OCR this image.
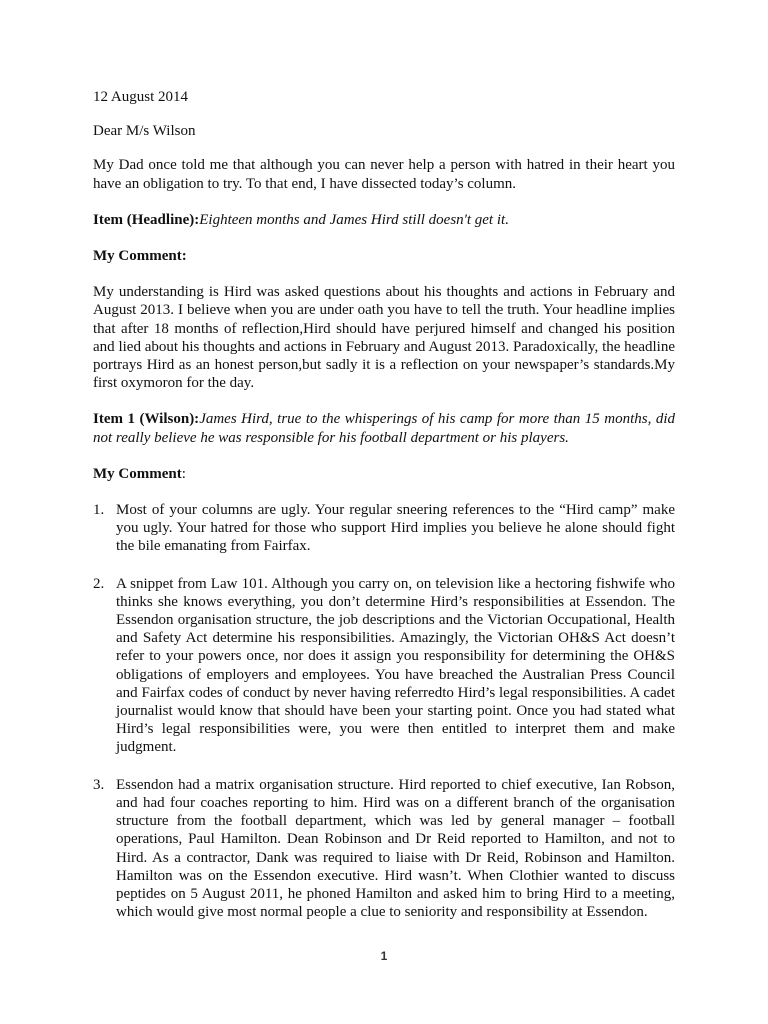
12 August 2014

Dear M/s Wilson

My Dad once told me that although you can never help a person with hatred in their heart you have an obligation to try. To that end, I have dissected today’s column.

Item (Headline):Eighteen months and James Hird still doesn't get it.

My Comment:

My understanding is Hird was asked questions about his thoughts and actions in February and August 2013. I believe when you are under oath you have to tell the truth. Your headline implies that after 18 months of reflection,Hird should have perjured himself and changed his position and lied about his thoughts and actions in February and August 2013. Paradoxically, the headline portrays Hird as an honest person,but sadly it is a reflection on your newspaper’s standards.My first oxymoron for the day.

Item 1 (Wilson):James Hird, true to the whisperings of his camp for more than 15 months, did not really believe he was responsible for his football department or his players.

My Comment:

1. Most of your columns are ugly. Your regular sneering references to the “Hird camp” make you ugly. Your hatred for those who support Hird implies you believe he alone should fight the bile emanating from Fairfax.
2. A snippet from Law 101. Although you carry on, on television like a hectoring fishwife who thinks she knows everything, you don’t determine Hird’s responsibilities at Essendon. The Essendon organisation structure, the job descriptions and the Victorian Occupational, Health and Safety Act determine his responsibilities. Amazingly, the Victorian OH&S Act doesn’t refer to your powers once, nor does it assign you responsibility for determining the OH&S obligations of employers and employees. You have breached the Australian Press Council and Fairfax codes of conduct by never having referredto Hird’s legal responsibilities. A cadet journalist would know that should have been your starting point. Once you had stated what Hird’s legal responsibilities were, you were then entitled to interpret them and make judgment.
3. Essendon had a matrix organisation structure. Hird reported to chief executive, Ian Robson, and had four coaches reporting to him. Hird was on a different branch of the organisation structure from the football department, which was led by general manager – football operations, Paul Hamilton. Dean Robinson and Dr Reid reported to Hamilton, and not to Hird. As a contractor, Dank was required to liaise with Dr Reid, Robinson and Hamilton. Hamilton was on the Essendon executive. Hird wasn’t. When Clothier wanted to discuss peptides on 5 August 2011, he phoned Hamilton and asked him to bring Hird to a meeting, which would give most normal people a clue to seniority and responsibility at Essendon.
1
